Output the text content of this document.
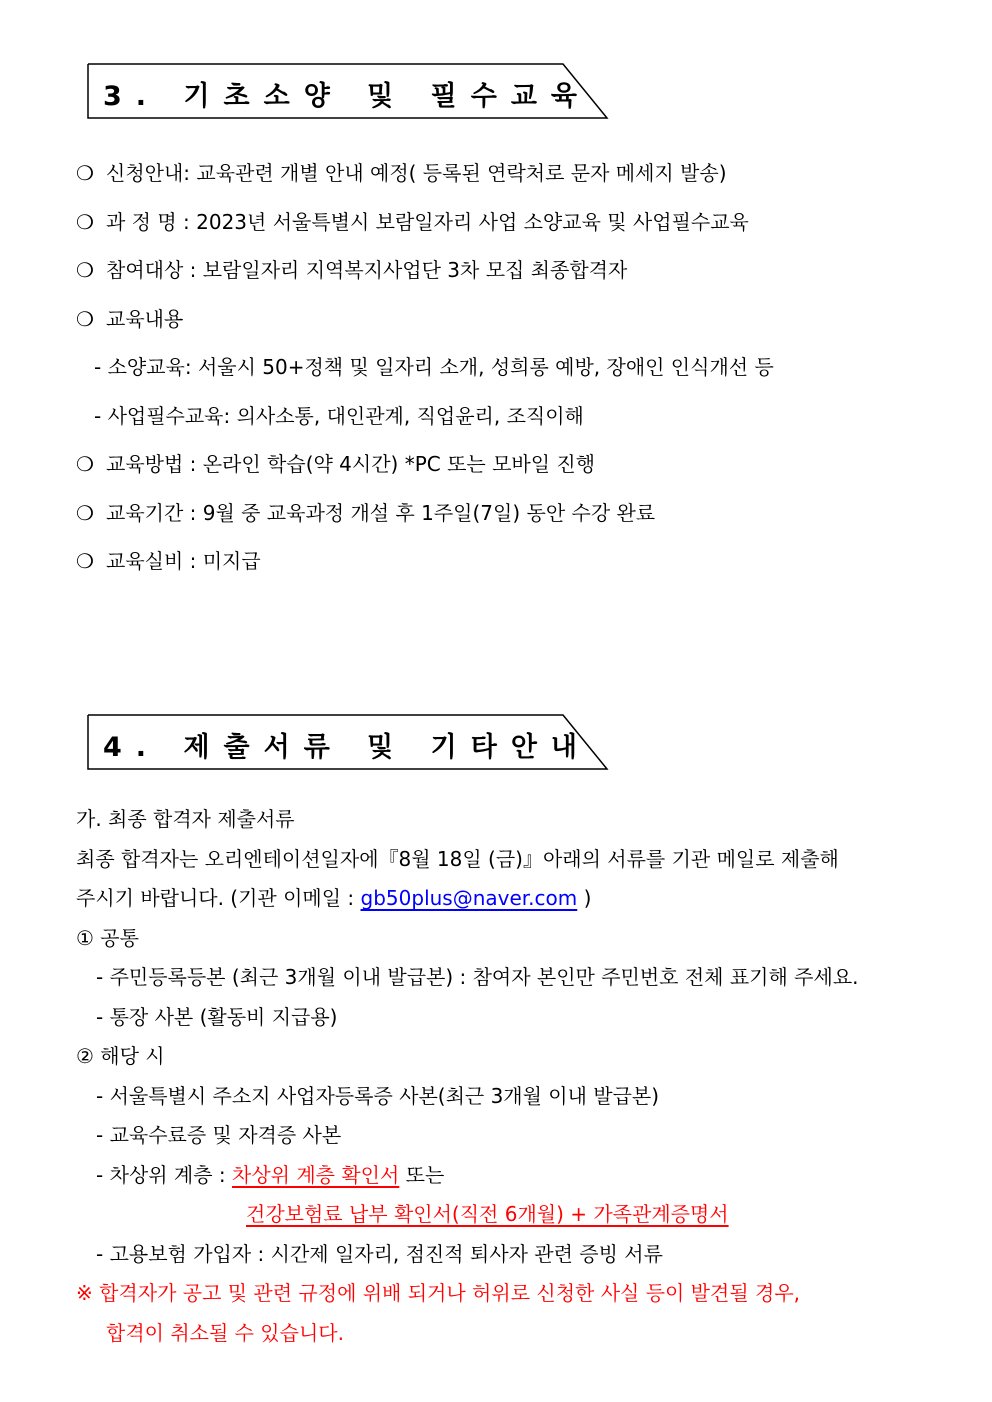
3. 기초소양 및 필수교육
❍ 신청안내: 교육관련 개별 안내 예정( 등록된 연락처로 문자 메세지 발송)
❍ 과 정 명 : 2023년 서울특별시 보람일자리 사업 소양교육 및 사업필수교육
❍ 참여대상 : 보람일자리 지역복지사업단 3차 모집 최종합격자
❍ 교육내용
- 소양교육: 서울시 50+정책 및 일자리 소개, 성희롱 예방, 장애인 인식개선 등
- 사업필수교육: 의사소통, 대인관계, 직업윤리, 조직이해
❍ 교육방법 : 온라인 학습(약 4시간) *PC 또는 모바일 진행
❍ 교육기간 : 9월 중 교육과정 개설 후 1주일(7일) 동안 수강 완료
❍ 교육실비 : 미지급
4. 제출서류 및 기타안내
가. 최종 합격자 제출서류
최종 합격자는 오리엔테이션일자에『8월 18일 (금)』아래의 서류를 기관 메일로 제출해
주시기 바랍니다. (기관 이메일 : gb50plus@naver.com )
① 공통
- 주민등록등본 (최근 3개월 이내 발급본) : 참여자 본인만 주민번호 전체 표기해 주세요.
- 통장 사본 (활동비 지급용)
② 해당 시
- 서울특별시 주소지 사업자등록증 사본(최근 3개월 이내 발급본)
- 교육수료증 및 자격증 사본
- 차상위 계층 : 차상위 계층 확인서 또는
건강보험료 납부 확인서(직전 6개월) + 가족관계증명서
- 고용보험 가입자 : 시간제 일자리, 점진적 퇴사자 관련 증빙 서류
※ 합격자가 공고 및 관련 규정에 위배 되거나 허위로 신청한 사실 등이 발견될 경우,
합격이 취소될 수 있습니다.
